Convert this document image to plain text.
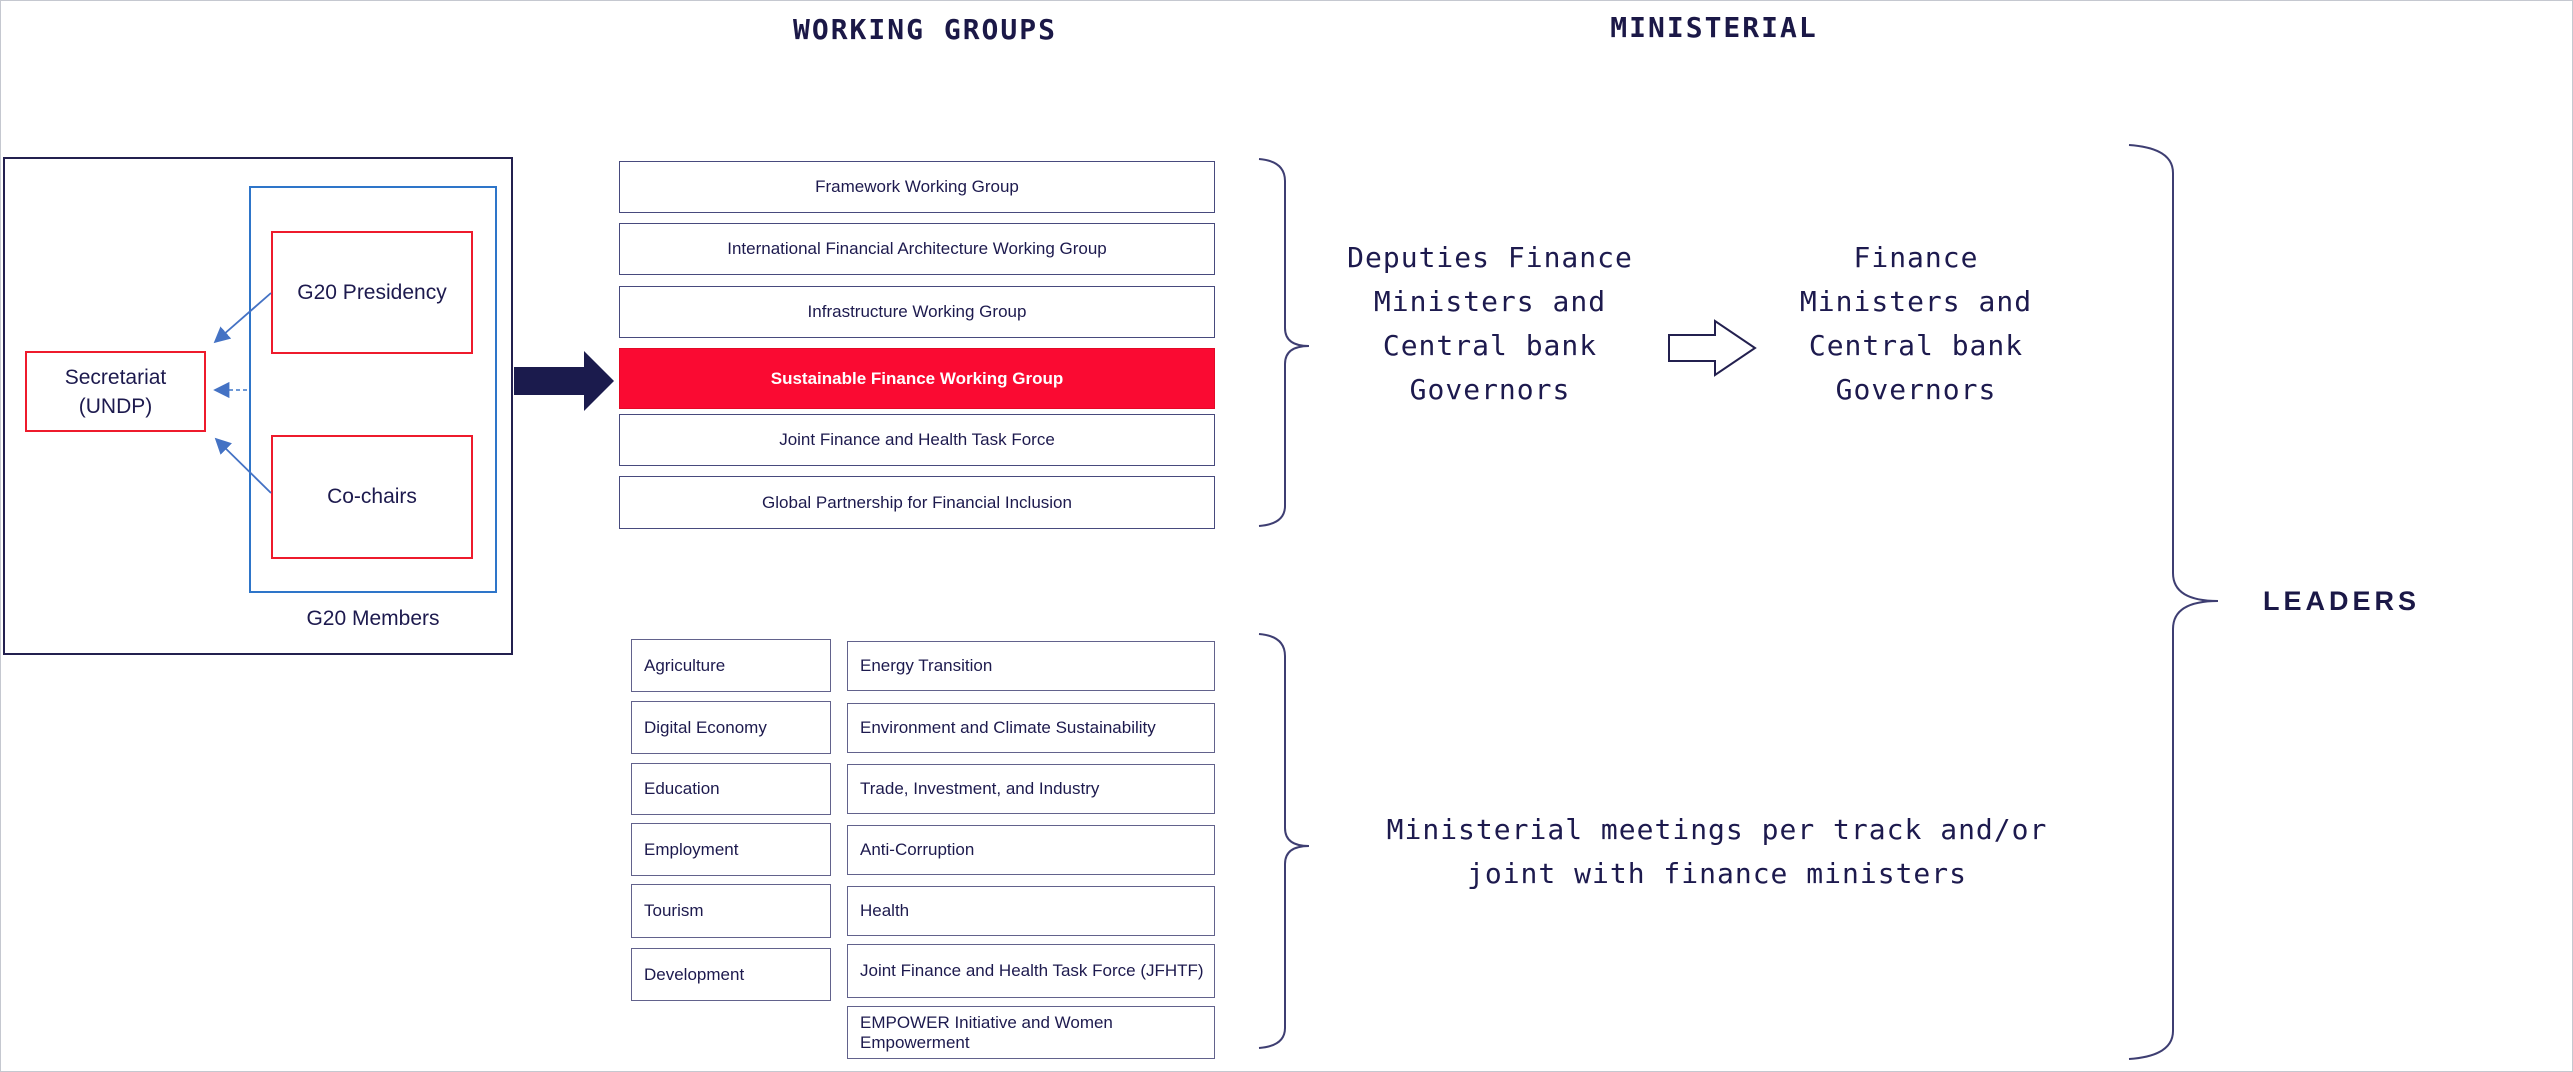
WORKING GROUPS	MINISTERIAL
G20 Presidency
Co-chairs
Secretariat
(UNDP)
G20 Members
Framework Working Group
International Financial Architecture Working Group
Infrastructure Working Group
Sustainable Finance Working Group
Joint Finance and Health Task Force
Global Partnership for Financial Inclusion
Agriculture
Digital Economy
Education
Employment
Tourism
Development
Energy Transition
Environment and Climate Sustainability
Trade, Investment, and Industry
Anti-Corruption
Health
Joint Finance and Health Task Force (JFHTF)
EMPOWER Initiative and Women Empowerment
Deputies Finance
Ministers and
Central bank
Governors
Finance
Ministers and
Central bank
Governors
Ministerial meetings per track and/or
joint with finance ministers
LEADERS
